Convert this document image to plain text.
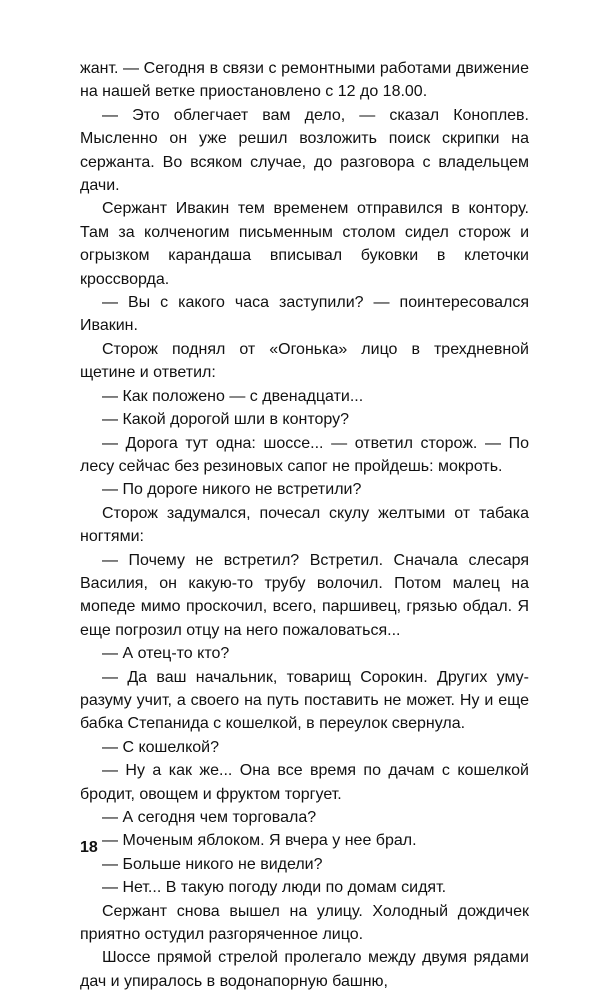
жант. — Сегодня в связи с ремонтными работами движение на нашей ветке приостановлено с 12 до 18.00.

— Это облегчает вам дело, — сказал Коноплев. Мысленно он уже решил возложить поиск скрипки на сержанта. Во всяком случае, до разговора с владельцем дачи.

Сержант Ивакин тем временем отправился в контору. Там за колченогим письменным столом сидел сторож и огрызком карандаша вписывал буковки в клеточки кроссворда.

— Вы с какого часа заступили? — поинтересовался Ивакин.

Сторож поднял от «Огонька» лицо в трехдневной щетине и ответил:

— Как положено — с двенадцати...

— Какой дорогой шли в контору?

— Дорога тут одна: шоссе... — ответил сторож. — По лесу сейчас без резиновых сапог не пройдешь: мокроть.

— По дороге никого не встретили?

Сторож задумался, почесал скулу желтыми от табака ногтями:

— Почему не встретил? Встретил. Сначала слесаря Василия, он какую-то трубу волочил. Потом малец на мопеде мимо проскочил, всего, паршивец, грязью обдал. Я еще погрозил отцу на него пожаловаться...

— А отец-то кто?

— Да ваш начальник, товарищ Сорокин. Других уму-разуму учит, а своего на путь поставить не может. Ну и еще бабка Степанида с кошелкой, в переулок свернула.

— С кошелкой?

— Ну а как же... Она все время по дачам с кошелкой бродит, овощем и фруктом торгует.

— А сегодня чем торговала?

— Моченым яблоком. Я вчера у нее брал.

— Больше никого не видели?

— Нет... В такую погоду люди по домам сидят.

Сержант снова вышел на улицу. Холодный дождичек приятно остудил разгоряченное лицо.

Шоссе прямой стрелой пролегало между двумя рядами дач и упиралось в водонапорную башню,

18
